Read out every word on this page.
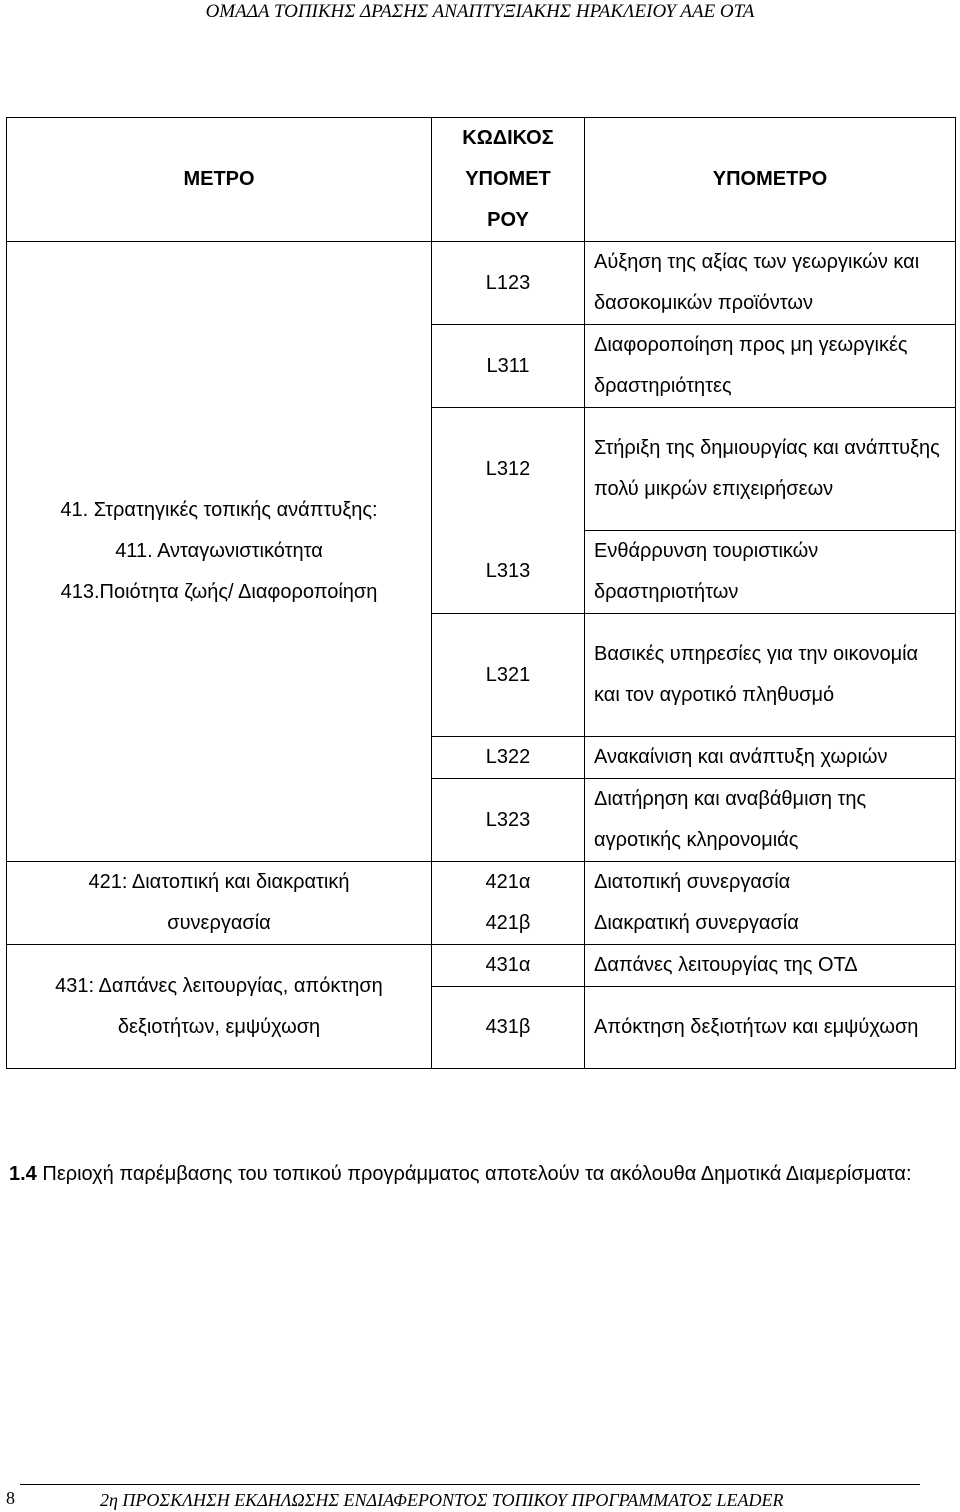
ΟΜΑΔΑ ΤΟΠΙΚΗΣ ΔΡΑΣΗΣ ΑΝΑΠΤΥΞΙΑΚΗΣ ΗΡΑΚΛΕΙΟΥ ΑΑΕ ΟΤΑ
ΜΕΤΡΟ	ΚΩΔΙΚΟΣ ΥΠΟΜΕΤ ΡΟΥ	ΥΠΟΜΕΤΡΟ

41. Στρατηγικές τοπικής ανάπτυξης:
411. Ανταγωνιστικότητα
413.Ποιότητα ζωής/ Διαφοροποίηση	L123	Αύξηση της αξίας των γεωργικών και δασοκομικών προϊόντων
	L311	Διαφοροποίηση προς μη γεωργικές δραστηριότητες
	L312	Στήριξη της δημιουργίας και ανάπτυξης πολύ μικρών επιχειρήσεων
	L313	Ενθάρρυνση τουριστικών δραστηριοτήτων
	L321	Βασικές υπηρεσίες για την οικονομία και τον αγροτικό πληθυσμό
	L322	Ανακαίνιση και ανάπτυξη χωριών
	L323	Διατήρηση και αναβάθμιση της αγροτικής κληρονομιάς

421: Διατοπική και διακρατική
συνεργασία	421α	Διατοπική συνεργασία
	421β	Διακρατική συνεργασία

431: Δαπάνες λειτουργίας, απόκτηση
δεξιοτήτων, εμψύχωση	431α	Δαπάνες λειτουργίας της ΟΤΔ
	431β	Απόκτηση δεξιοτήτων και εμψύχωση
1.4 Περιοχή παρέμβασης του τοπικού προγράμματος αποτελούν τα ακόλουθα Δημοτικά Διαμερίσματα:
8	2η ΠΡΟΣΚΛΗΣΗ ΕΚΔΗΛΩΣΗΣ ΕΝΔΙΑΦΕΡΟΝΤΟΣ ΤΟΠΙΚΟΥ ΠΡΟΓΡΑΜΜΑΤΟΣ LEADER
